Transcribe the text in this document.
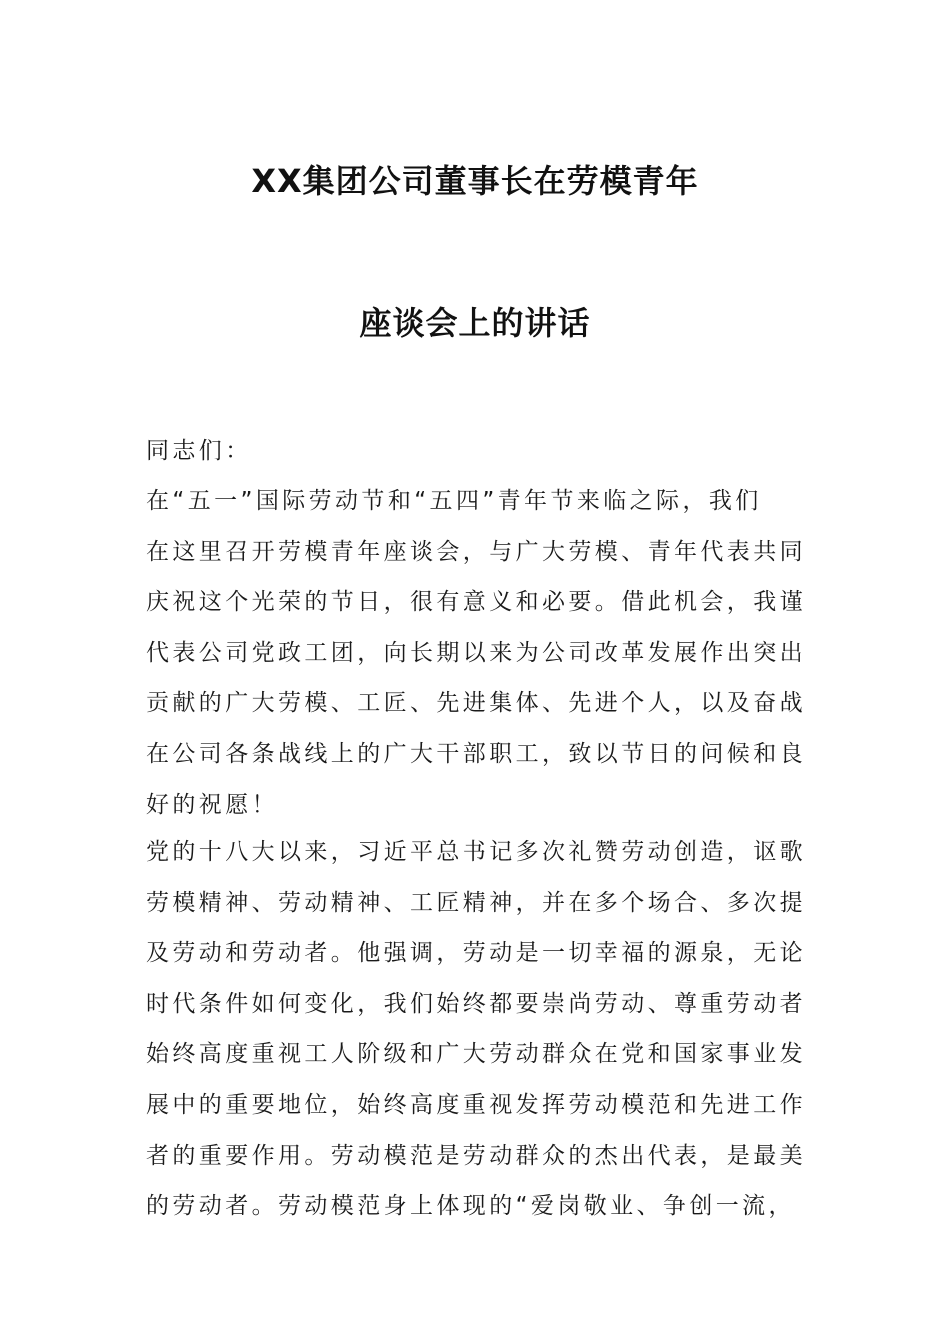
XX集团公司董事长在劳模青年
座谈会上的讲话
同志们：
在“五一”国际劳动节和“五四”青年节来临之际，我们
在这里召开劳模青年座谈会，与广大劳模、青年代表共同
庆祝这个光荣的节日，很有意义和必要。借此机会，我谨
代表公司党政工团，向长期以来为公司改革发展作出突出
贡献的广大劳模、工匠、先进集体、先进个人，以及奋战
在公司各条战线上的广大干部职工，致以节日的问候和良
好的祝愿！
党的十八大以来，习近平总书记多次礼赞劳动创造，讴歌
劳模精神、劳动精神、工匠精神，并在多个场合、多次提
及劳动和劳动者。他强调，劳动是一切幸福的源泉，无论
时代条件如何变化，我们始终都要崇尚劳动、尊重劳动者
始终高度重视工人阶级和广大劳动群众在党和国家事业发
展中的重要地位，始终高度重视发挥劳动模范和先进工作
者的重要作用。劳动模范是劳动群众的杰出代表，是最美
的劳动者。劳动模范身上体现的“爱岗敬业、争创一流，
